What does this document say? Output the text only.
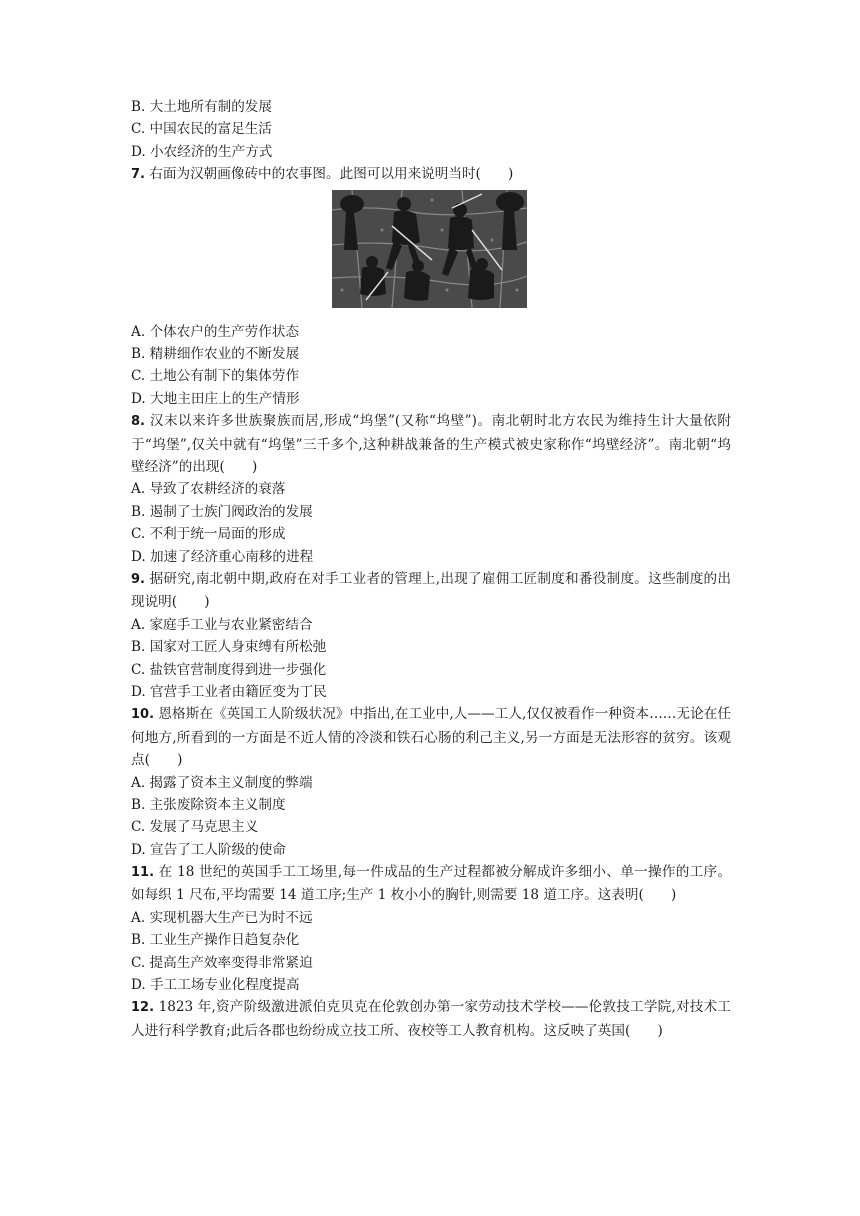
B. 大土地所有制的发展
C. 中国农民的富足生活
D. 小农经济的生产方式
7. 右面为汉朝画像砖中的农事图。此图可以用来说明当时(　　)
A. 个体农户的生产劳作状态
B. 精耕细作农业的不断发展
C. 土地公有制下的集体劳作
D. 大地主田庄上的生产情形
8. 汉末以来许多世族聚族而居,形成“坞堡”(又称“坞壁”)。南北朝时北方农民为维持生计大量依附于“坞堡”,仅关中就有“坞堡”三千多个,这种耕战兼备的生产模式被史家称作“坞壁经济”。南北朝“坞壁经济”的出现(　　)
A. 导致了农耕经济的衰落
B. 遏制了士族门阀政治的发展
C. 不利于统一局面的形成
D. 加速了经济重心南移的进程
9. 据研究,南北朝中期,政府在对手工业者的管理上,出现了雇佣工匠制度和番役制度。这些制度的出现说明(　　)
A. 家庭手工业与农业紧密结合
B. 国家对工匠人身束缚有所松弛
C. 盐铁官营制度得到进一步强化
D. 官营手工业者由籍匠变为丁民
10. 恩格斯在《英国工人阶级状况》中指出,在工业中,人——工人,仅仅被看作一种资本……无论在任何地方,所看到的一方面是不近人情的冷淡和铁石心肠的利己主义,另一方面是无法形容的贫穷。该观点(　　)
A. 揭露了资本主义制度的弊端
B. 主张废除资本主义制度
C. 发展了马克思主义
D. 宣告了工人阶级的使命
11. 在 18 世纪的英国手工工场里,每一件成品的生产过程都被分解成许多细小、单一操作的工序。如每织 1 尺布,平均需要 14 道工序;生产 1 枚小小的胸针,则需要 18 道工序。这表明(　　)
A. 实现机器大生产已为时不远
B. 工业生产操作日趋复杂化
C. 提高生产效率变得非常紧迫
D. 手工工场专业化程度提高
12. 1823 年,资产阶级激进派伯克贝克在伦敦创办第一家劳动技术学校——伦敦技工学院,对技术工人进行科学教育;此后各郡也纷纷成立技工所、夜校等工人教育机构。这反映了英国(　　)
